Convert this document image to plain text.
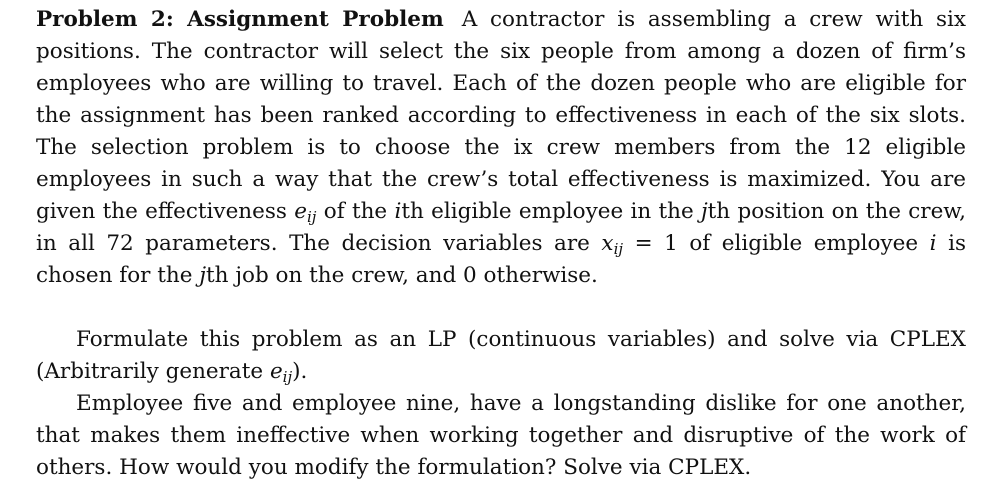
Problem 2: Assignment Problem A contractor is assembling a crew with six positions. The contractor will select the six people from among a dozen of firm’s employees who are willing to travel. Each of the dozen people who are eligible for the assignment has been ranked according to effectiveness in each of the six slots. The selection problem is to choose the ix crew members from the 12 eligible employees in such a way that the crew’s total effectiveness is maximized. You are given the effectiveness $e_{ij}$ of the ith eligible employee in the jth position on the crew, in all 72 parameters. The decision variables are $x_{ij} = 1$ of eligible employee i is chosen for the jth job on the crew, and 0 otherwise.

Formulate this problem as an LP (continuous variables) and solve via CPLEX (Arbitrarily generate $e_{ij}$).

Employee five and employee nine, have a longstanding dislike for one another, that makes them ineffective when working together and disruptive of the work of others. How would you modify the formulation? Solve via CPLEX.
